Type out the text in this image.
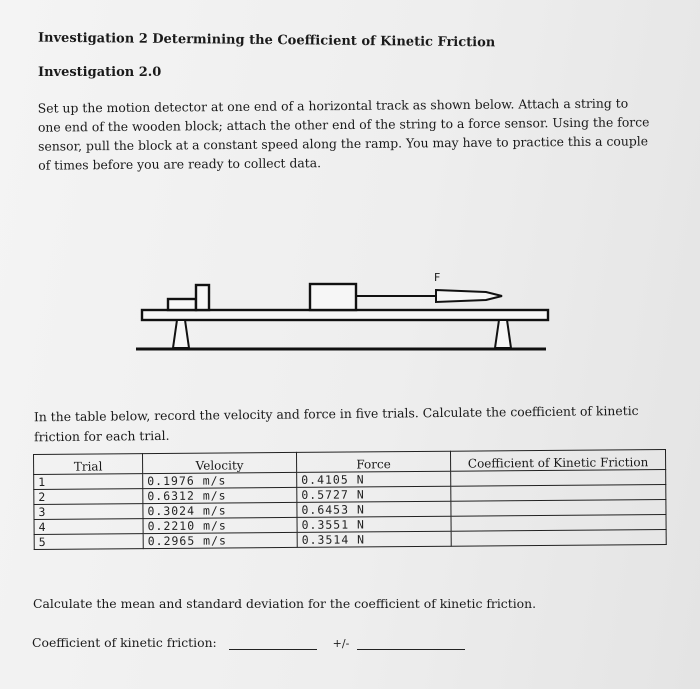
Investigation 2 Determining the Coefficient of Kinetic Friction
Investigation 2.0
Set up the motion detector at one end of a horizontal track as shown below. Attach a string to one end of the wooden block; attach the other end of the string to a force sensor. Using the force sensor, pull the block at a constant speed along the ramp. You may have to practice this a couple of times before you are ready to collect data.
F
In the table below, record the velocity and force in five trials. Calculate the coefficient of kinetic friction for each trial.
Trial	Velocity	Force	Coefficient of Kinetic Friction
1	0.1976 m/s	0.4105 N	
2	0.6312 m/s	0.5727 N	
3	0.3024 m/s	0.6453 N	
4	0.2210 m/s	0.3551 N	
5	0.2965 m/s	0.3514 N	
Calculate the mean and standard deviation for the coefficient of kinetic friction.
Coefficient of kinetic friction:	+/-
